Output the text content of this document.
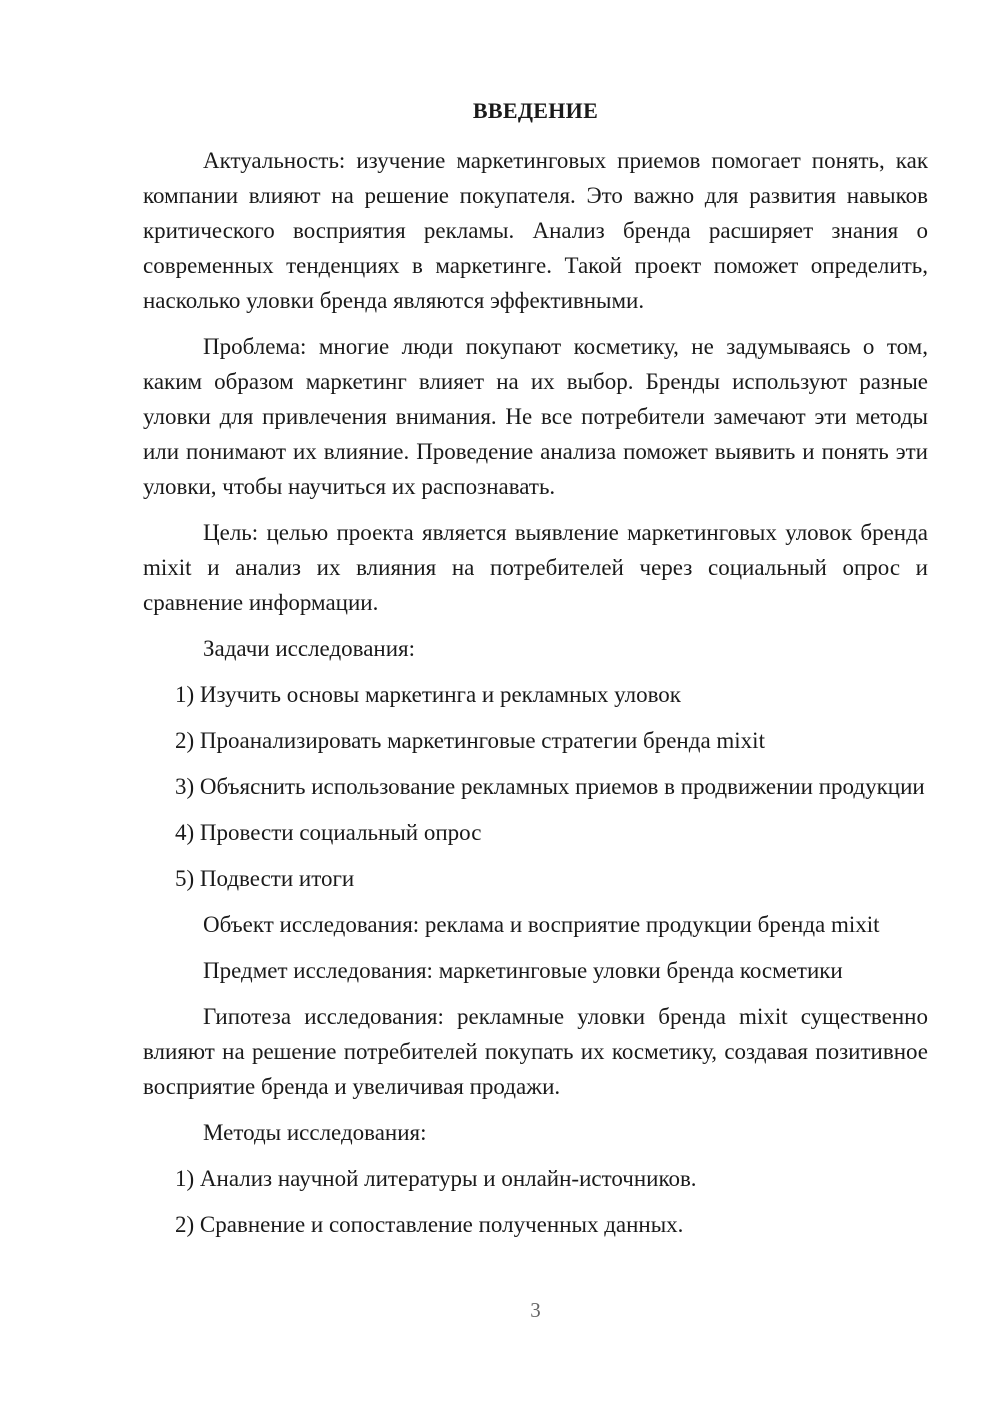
ВВЕДЕНИЕ

Актуальность: изучение маркетинговых приемов помогает понять, как компании влияют на решение покупателя. Это важно для развития навыков критического восприятия рекламы. Анализ бренда расширяет знания о современных тенденциях в маркетинге. Такой проект поможет определить, насколько уловки бренда являются эффективными.

Проблема: многие люди покупают косметику, не задумываясь о том, каким образом маркетинг влияет на их выбор. Бренды используют разные уловки для привлечения внимания. Не все потребители замечают эти методы или понимают их влияние. Проведение анализа поможет выявить и понять эти уловки, чтобы научиться их распознавать.

Цель: целью проекта является выявление маркетинговых уловок бренда mixit и анализ их влияния на потребителей через социальный опрос и сравнение информации.

Задачи исследования:

1) Изучить основы маркетинга и рекламных уловок

2) Проанализировать маркетинговые стратегии бренда mixit

3) Объяснить использование рекламных приемов в продвижении продукции

4) Провести социальный опрос

5) Подвести итоги

Объект исследования: реклама и восприятие продукции бренда mixit

Предмет исследования: маркетинговые уловки бренда косметики

Гипотеза исследования: рекламные уловки бренда mixit существенно влияют на решение потребителей покупать их косметику, создавая позитивное восприятие бренда и увеличивая продажи.

Методы исследования:

1) Анализ научной литературы и онлайн-источников.

2) Сравнение и сопоставление полученных данных.

3
